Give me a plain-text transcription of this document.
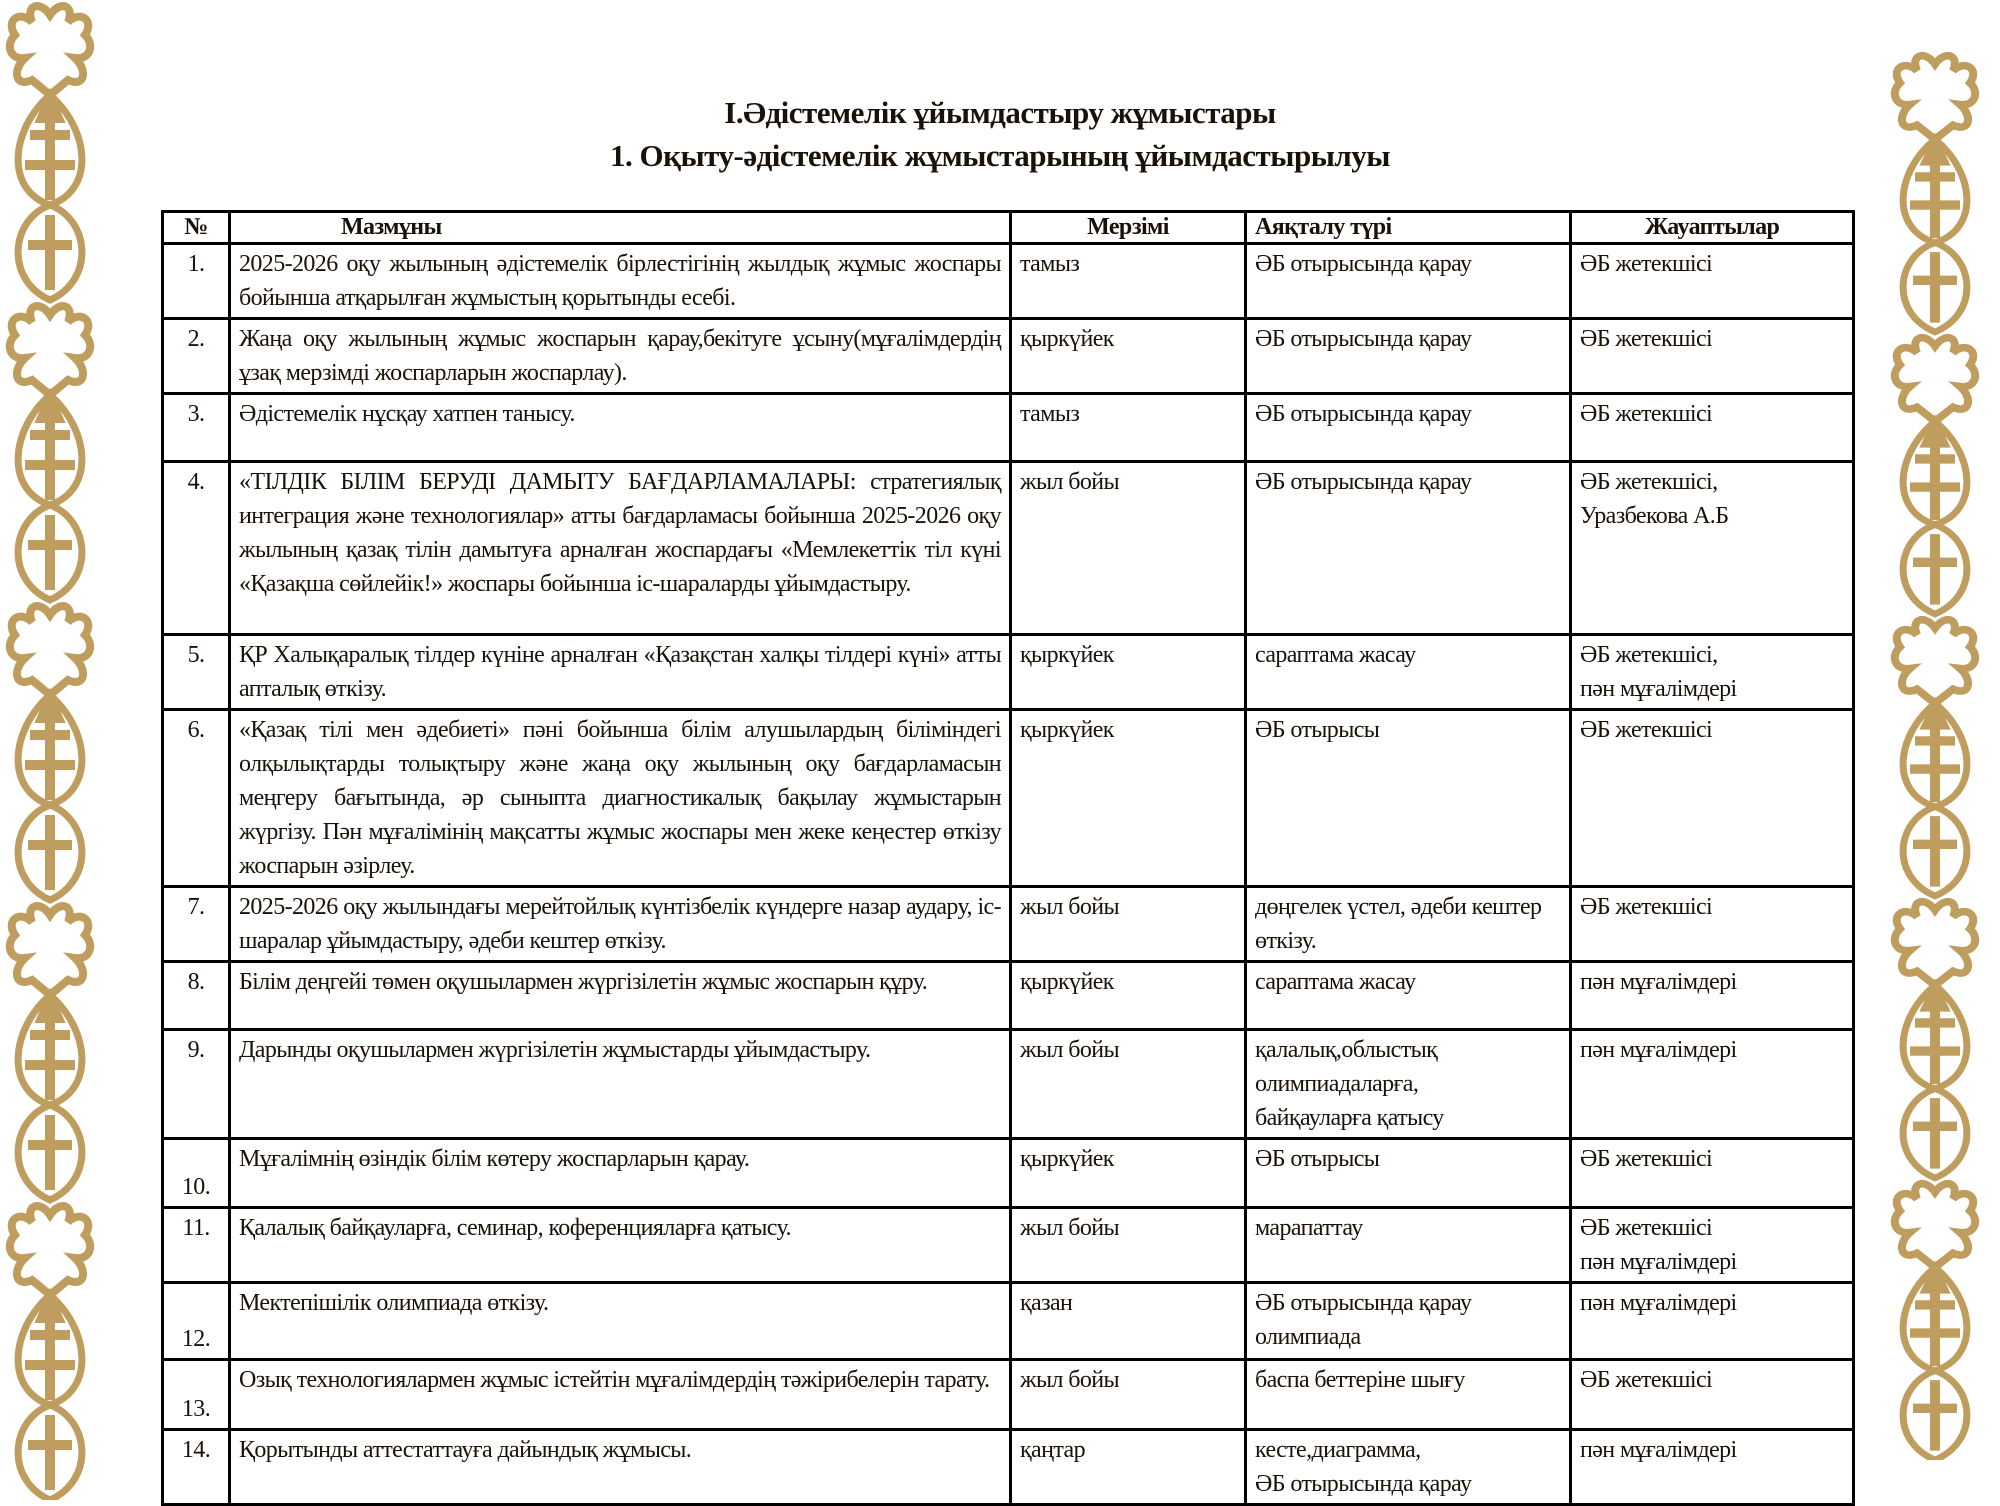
I.Әдістемелік ұйымдастыру жұмыстары
1. Оқыту-әдістемелік жұмыстарының ұйымдастырылуы
№	Мазмұны	Мерзімі	Аяқталу түрі	Жауаптылар
1.	2025-2026 оқу жылының әдістемелік бірлестігінің жылдық жұмыс жоспары бойынша атқарылған жұмыстың қорытынды есебі.	тамыз	ӘБ отырысында қарау	ӘБ жетекшісі

2.	Жаңа оқу жылының жұмыс жоспарын қарау,бекітуге ұсыну(мұғалімдердің ұзақ мерзімді жоспарларын жоспарлау).	қыркүйек	ӘБ отырысында қарау	ӘБ жетекшісі

3.	Әдістемелік нұсқау хатпен танысу.	тамыз	ӘБ отырысында қарау	ӘБ жетекшісі

4.	«ТІЛДІК БІЛІМ БЕРУДІ ДАМЫТУ БАҒДАРЛАМАЛАРЫ: стратегиялық интеграция және технологиялар» атты бағдарламасы бойынша 2025-2026 оқу жылының қазақ тілін дамытуға арналған жоспардағы «Мемлекеттік тіл күні «Қазақша сөйлейік!» жоспары бойынша іс-шараларды ұйымдастыру.	жыл бойы	ӘБ отырысында қарау	ӘБ жетекшісі,
Уразбекова А.Б

5.	ҚР Халықаралық тілдер күніне арналған «Қазақстан халқы тілдері күні» атты апталық өткізу.	қыркүйек	сараптама жасау	ӘБ жетекшісі,
пән мұғалімдері

6.	«Қазақ тілі мен әдебиеті» пәні бойынша білім алушылардың біліміндегі олқылықтарды толықтыру және жаңа оқу жылының оқу бағдарламасын меңгеру бағытында, әр сыныпта диагностикалық бақылау жұмыстарын жүргізу. Пән мұғалімінің мақсатты жұмыс жоспары мен жеке кеңестер өткізу жоспарын әзірлеу.	қыркүйек	ӘБ отырысы	ӘБ жетекшісі

7.	2025-2026 оқу жылындағы мерейтойлық күнтізбелік күндерге назар аудару, іс-шаралар ұйымдастыру, әдеби кештер өткізу.	жыл бойы	дөңгелек үстел, әдеби кештер өткізу.	ӘБ жетекшісі

8.	Білім деңгейі төмен оқушылармен жүргізілетін жұмыс жоспарын құру.	қыркүйек	сараптама жасау	пән мұғалімдері

9.	Дарынды оқушылармен жүргізілетін жұмыстарды ұйымдастыру.	жыл бойы	қалалық,облыстық
олимпиадаларға,
байқауларға қатысу	пән мұғалімдері

10.	Мұғалімнің өзіндік білім көтеру жоспарларын қарау.	қыркүйек	ӘБ отырысы	ӘБ жетекшісі

11.	Қалалық байқауларға, семинар, коференцияларға қатысу.	жыл бойы	марапаттау	ӘБ жетекшісі
пән мұғалімдері

12.	Мектепішілік олимпиада өткізу.	қазан	ӘБ отырысында қарау
олимпиада	пән мұғалімдері

13.	Озық технологиялармен жұмыс істейтін мұғалімдердің тәжірибелерін тарату.	жыл бойы	баспа беттеріне шығу	ӘБ жетекшісі

14.	Қорытынды аттестаттауға дайындық жұмысы.	қаңтар	кесте,диаграмма,
ӘБ отырысында қарау	пән мұғалімдері
